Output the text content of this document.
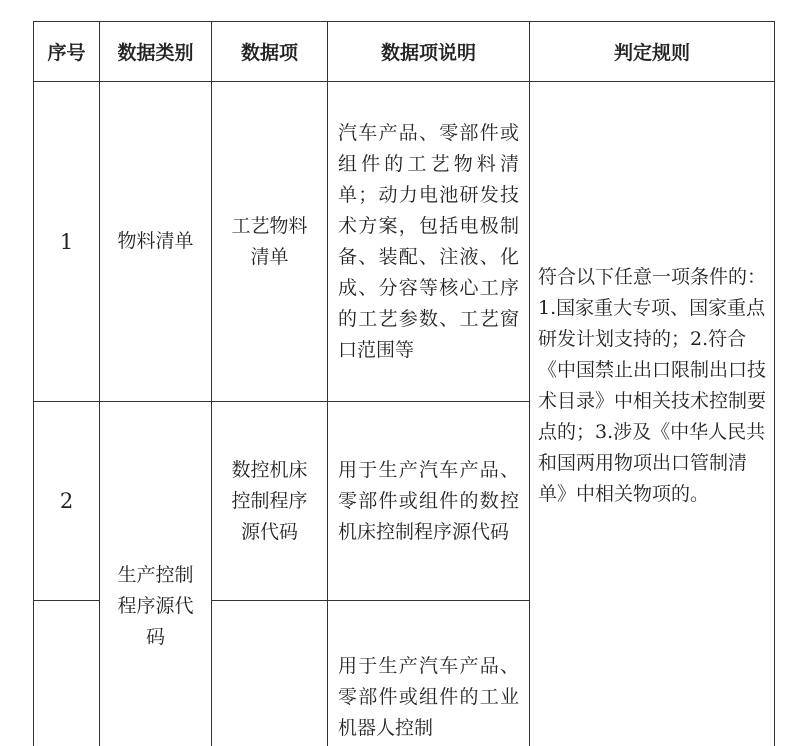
序号	数据类别	数据项	数据项说明	判定规则

1	物料清单	工艺物料清单	汽车产品、零部件或组件的工艺物料清单；动力电池研发技术方案，包括电极制备、装配、注液、化成、分容等核心工序的工艺参数、工艺窗口范围等	符合以下任意一项条件的：1.国家重大专项、国家重点研发计划支持的；2.符合《中国禁止出口限制出口技术目录》中相关技术控制要点的；3.涉及《中华人民共和国两用物项出口管制清单》中相关物项的。

2	生产控制程序源代码	数控机床控制程序源代码	用于生产汽车产品、零部件或组件的数控机床控制程序源代码	

			用于生产汽车产品、零部件或组件的工业机器人控制	
